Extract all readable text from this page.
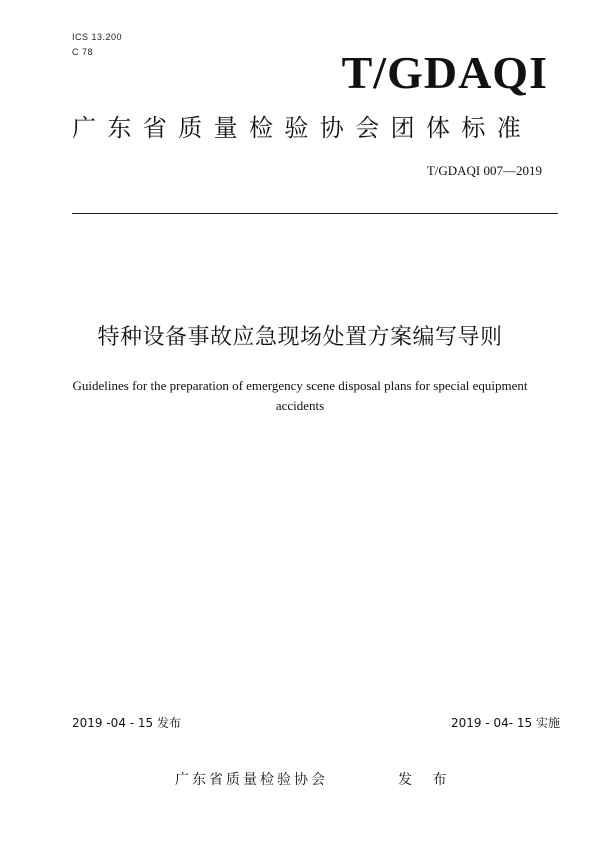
ICS 13.200
C 78	T/GDAQI
广东省质量检验协会团体标准
T/GDAQI 007—2019
特种设备事故应急现场处置方案编写导则
Guidelines for the preparation of emergency scene disposal plans for special equipment accidents
2019 -04 - 15 发布	2019 - 04- 15 实施
广东省质量检验协会	发 布
